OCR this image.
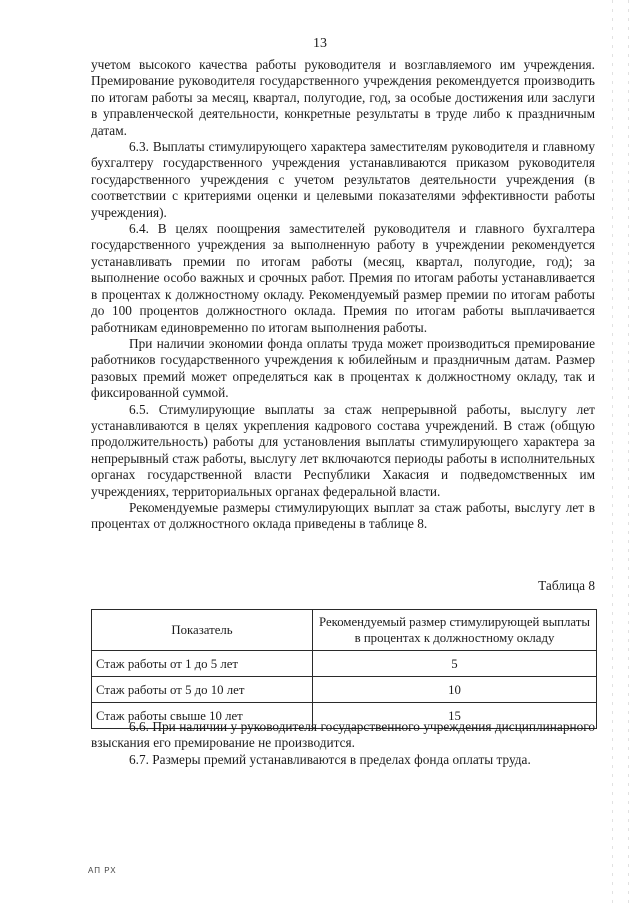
13

учетом высокого качества работы руководителя и возглавляемого им учреждения. Премирование руководителя государственного учреждения рекомендуется производить по итогам работы за месяц, квартал, полугодие, год, за особые достижения или заслуги в управленческой деятельности, конкретные результаты в труде либо к праздничным датам.

6.3. Выплаты стимулирующего характера заместителям руководителя и главному бухгалтеру государственного учреждения устанавливаются приказом руководителя государственного учреждения с учетом результатов деятельности учреждения (в соответствии с критериями оценки и целевыми показателями эффективности работы учреждения).

6.4. В целях поощрения заместителей руководителя и главного бухгалтера государственного учреждения за выполненную работу в учреждении рекомендуется устанавливать премии по итогам работы (месяц, квартал, полугодие, год); за выполнение особо важных и срочных работ. Премия по итогам работы устанавливается в процентах к должностному окладу. Рекомендуемый размер премии по итогам работы до 100 процентов должностного оклада. Премия по итогам работы выплачивается работникам единовременно по итогам выполнения работы.

При наличии экономии фонда оплаты труда может производиться премирование работников государственного учреждения к юбилейным и праздничным датам. Размер разовых премий может определяться как в процентах к должностному окладу, так и фиксированной суммой.

6.5. Стимулирующие выплаты за стаж непрерывной работы, выслугу лет устанавливаются в целях укрепления кадрового состава учреждений. В стаж (общую продолжительность) работы для установления выплаты стимулирующего характера за непрерывный стаж работы, выслугу лет включаются периоды работы в исполнительных органах государственной власти Республики Хакасия и подведомственных им учреждениях, территориальных органах федеральной власти.

Рекомендуемые размеры стимулирующих выплат за стаж работы, выслугу лет в процентах от должностного оклада приведены в таблице 8.

Таблица 8
Показатель	Рекомендуемый размер стимулирующей выплаты в процентах к должностному окладу
Стаж работы от 1 до 5 лет	5
Стаж работы от 5 до 10 лет	10
Стаж работы свыше 10 лет	15

6.6. При наличии у руководителя государственного учреждения дисциплинарного взыскания его премирование не производится.

6.7. Размеры премий устанавливаются в пределах фонда оплаты труда.

АП РХ
